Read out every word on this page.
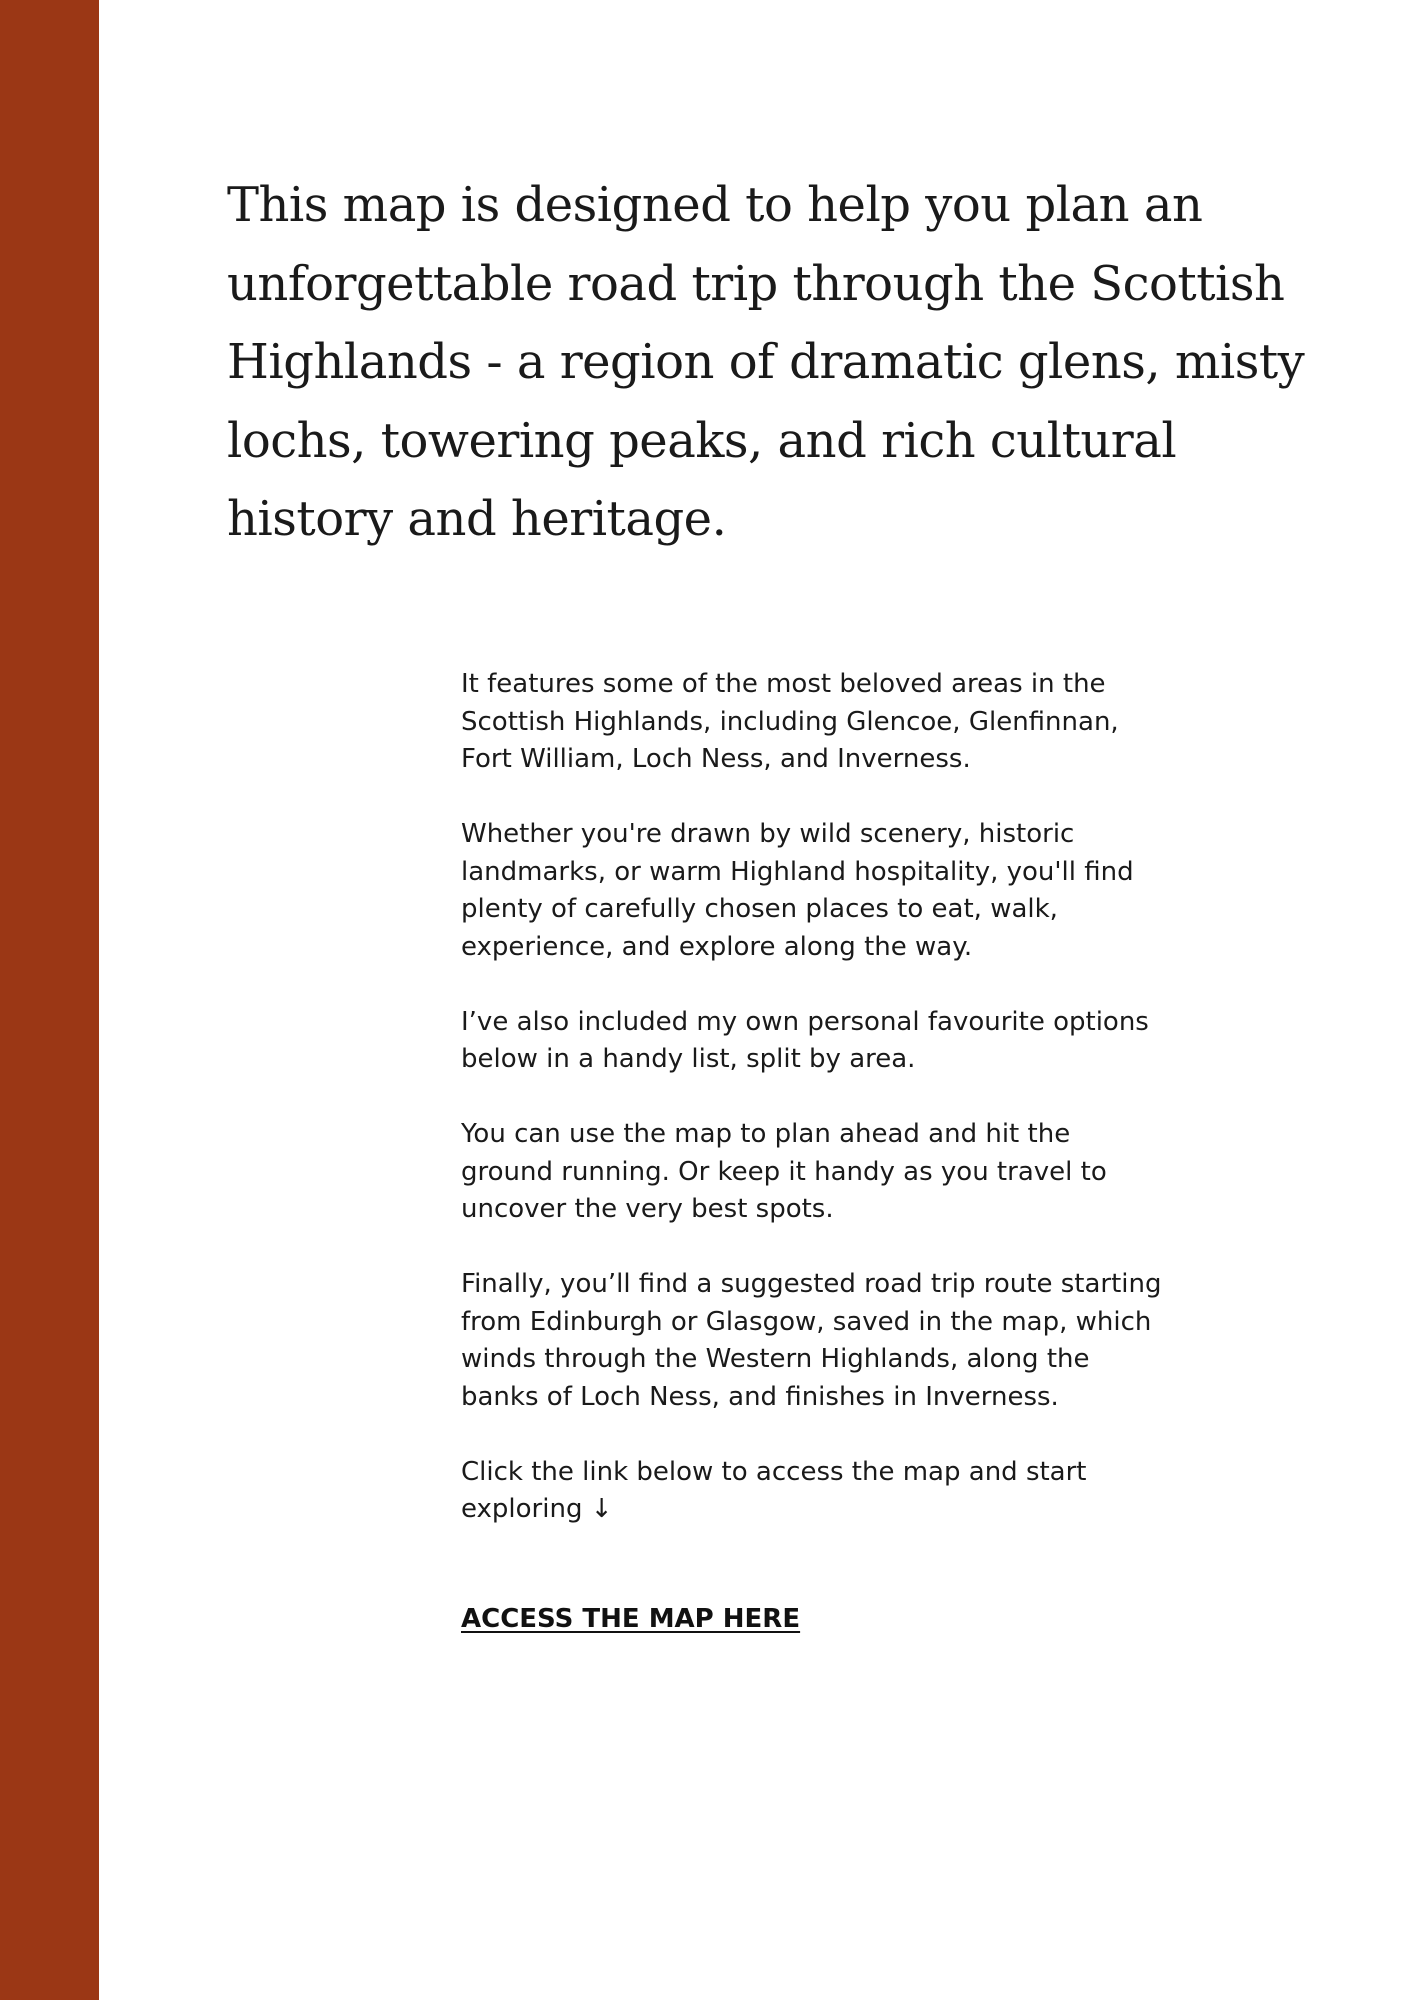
This map is designed to help you plan an
unforgettable road trip through the Scottish
Highlands - a region of dramatic glens, misty
lochs, towering peaks, and rich cultural
history and heritage.

It features some of the most beloved areas in the
Scottish Highlands, including Glencoe, Glenfinnan,
Fort William, Loch Ness, and Inverness.

Whether you're drawn by wild scenery, historic
landmarks, or warm Highland hospitality, you'll find
plenty of carefully chosen places to eat, walk,
experience, and explore along the way.

I’ve also included my own personal favourite options
below in a handy list, split by area.

You can use the map to plan ahead and hit the
ground running. Or keep it handy as you travel to
uncover the very best spots.

Finally, you’ll find a suggested road trip route starting
from Edinburgh or Glasgow, saved in the map, which
winds through the Western Highlands, along the
banks of Loch Ness, and finishes in Inverness.

Click the link below to access the map and start
exploring ↓

ACCESS THE MAP HERE
